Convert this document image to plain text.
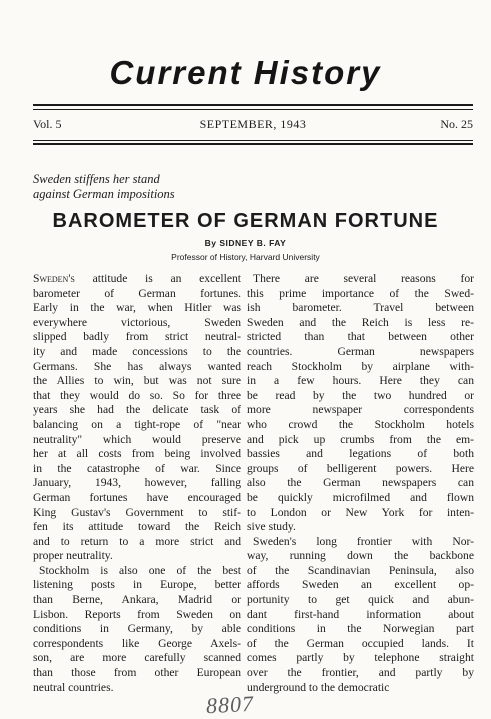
Current History
Vol. 5	SEPTEMBER, 1943	No. 25
Sweden stiffens her stand
against German impositions
BAROMETER OF GERMAN FORTUNE
By SIDNEY B. FAY
Professor of History, Harvard University
Sweden's attitude is an excellent
barometer of German fortunes.
Early in the war, when Hitler was
everywhere victorious, Sweden
slipped badly from strict neutral-
ity and made concessions to the
Germans. She has always wanted
the Allies to win, but was not sure
that they would do so. So for three
years she had the delicate task of
balancing on a tight-rope of "near
neutrality" which would preserve
her at all costs from being involved
in the catastrophe of war. Since
January, 1943, however, falling
German fortunes have encouraged
King Gustav's Government to stif-
fen its attitude toward the Reich
and to return to a more strict and
proper neutrality.
Stockholm is also one of the best
listening posts in Europe, better
than Berne, Ankara, Madrid or
Lisbon. Reports from Sweden on
conditions in Germany, by able
correspondents like George Axels-
son, are more carefully scanned
than those from other European
neutral countries.
There are several reasons for
this prime importance of the Swed-
ish barometer. Travel between
Sweden and the Reich is less re-
stricted than that between other
countries. German newspapers
reach Stockholm by airplane with-
in a few hours. Here they can
be read by the two hundred or
more newspaper correspondents
who crowd the Stockholm hotels
and pick up crumbs from the em-
bassies and legations of both
groups of belligerent powers. Here
also the German newspapers can
be quickly microfilmed and flown
to London or New York for inten-
sive study.
Sweden's long frontier with Nor-
way, running down the backbone
of the Scandinavian Peninsula, also
affords Sweden an excellent op-
portunity to get quick and abun-
dant first-hand information about
conditions in the Norwegian part
of the German occupied lands. It
comes partly by telephone straight
over the frontier, and partly by
underground to the democratic
8807
